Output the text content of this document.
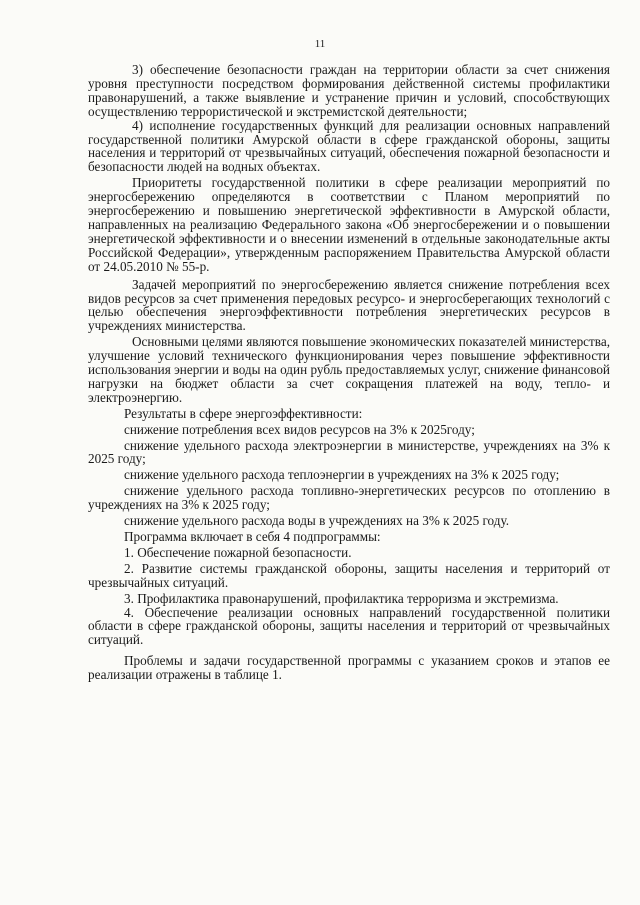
11

3) обеспечение безопасности граждан на территории области за счет снижения уровня преступности посредством формирования действенной системы профилактики правонарушений, а также выявление и устранение причин и условий, способствующих осуществлению террористической и экстремистской деятельности;

4) исполнение государственных функций для реализации основных направлений государственной политики Амурской области в сфере гражданской обороны, защиты населения и территорий от чрезвычайных ситуаций, обеспечения пожарной безопасности и безопасности людей на водных объектах.

Приоритеты государственной политики в сфере реализации мероприятий по энергосбережению определяются в соответствии с Планом мероприятий по энергосбережению и повышению энергетической эффективности в Амурской области, направленных на реализацию Федерального закона «Об энергосбережении и о повышении энергетической эффективности и о внесении изменений в отдельные законодательные акты Российской Федерации», утвержденным распоряжением Правительства Амурской области от 24.05.2010 № 55-р.

Задачей мероприятий по энергосбережению является снижение потребления всех видов ресурсов за счет применения передовых ресурсо- и энергосберегающих технологий с целью обеспечения энергоэффективности потребления энергетических ресурсов в учреждениях министерства.

Основными целями являются повышение экономических показателей министерства, улучшение условий технического функционирования через повышение эффективности использования энергии и воды на один рубль предоставляемых услуг, снижение финансовой нагрузки на бюджет области за счет сокращения платежей на воду, тепло- и электроэнергию.

Результаты в сфере энергоэффективности:

снижение потребления всех видов ресурсов на 3% к 2025году;

снижение удельного расхода электроэнергии в министерстве, учреждениях на 3% к 2025 году;

снижение удельного расхода теплоэнергии в учреждениях на 3% к 2025 году;

снижение удельного расхода топливно-энергетических ресурсов по отоплению в учреждениях на 3% к 2025 году;

снижение удельного расхода воды в учреждениях на 3% к 2025 году.

Программа включает в себя 4 подпрограммы:

1. Обеспечение пожарной безопасности.

2. Развитие системы гражданской обороны, защиты населения и территорий от чрезвычайных ситуаций.

3. Профилактика правонарушений, профилактика терроризма и экстремизма.

4. Обеспечение реализации основных направлений государственной политики области в сфере гражданской обороны, защиты населения и территорий от чрезвычайных ситуаций.

Проблемы и задачи государственной программы с указанием сроков и этапов ее реализации отражены в таблице 1.
